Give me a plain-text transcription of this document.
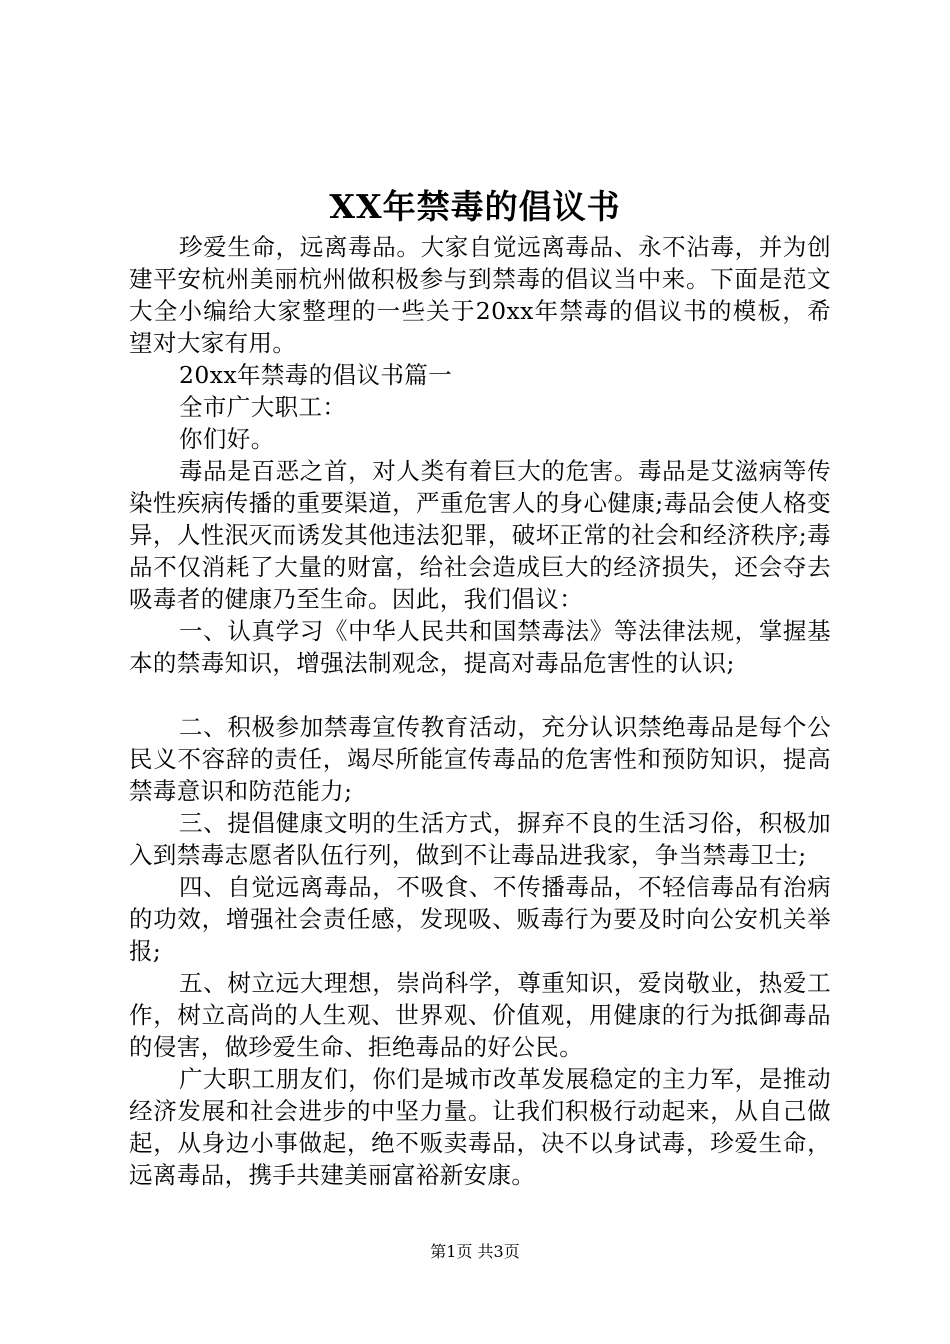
XX年禁毒的倡议书

珍爱生命，远离毒品。大家自觉远离毒品、永不沾毒，并为创建平安杭州美丽杭州做积极参与到禁毒的倡议当中来。下面是范文大全小编给大家整理的一些关于20xx年禁毒的倡议书的模板，希望对大家有用。

20xx年禁毒的倡议书篇一

全市广大职工：

你们好。

毒品是百恶之首，对人类有着巨大的危害。毒品是艾滋病等传染性疾病传播的重要渠道，严重危害人的身心健康;毒品会使人格变异，人性泯灭而诱发其他违法犯罪，破坏正常的社会和经济秩序;毒品不仅消耗了大量的财富，给社会造成巨大的经济损失，还会夺去吸毒者的健康乃至生命。因此，我们倡议：

一、认真学习《中华人民共和国禁毒法》等法律法规，掌握基本的禁毒知识，增强法制观念，提高对毒品危害性的认识;

二、积极参加禁毒宣传教育活动，充分认识禁绝毒品是每个公民义不容辞的责任，竭尽所能宣传毒品的危害性和预防知识，提高禁毒意识和防范能力;

三、提倡健康文明的生活方式，摒弃不良的生活习俗，积极加入到禁毒志愿者队伍行列，做到不让毒品进我家，争当禁毒卫士;

四、自觉远离毒品，不吸食、不传播毒品，不轻信毒品有治病的功效，增强社会责任感，发现吸、贩毒行为要及时向公安机关举报;

五、树立远大理想，崇尚科学，尊重知识，爱岗敬业，热爱工作，树立高尚的人生观、世界观、价值观，用健康的行为抵御毒品的侵害，做珍爱生命、拒绝毒品的好公民。

广大职工朋友们，你们是城市改革发展稳定的主力军，是推动经济发展和社会进步的中坚力量。让我们积极行动起来，从自己做起，从身边小事做起，绝不贩卖毒品，决不以身试毒，珍爱生命，远离毒品，携手共建美丽富裕新安康。

第1页 共3页
